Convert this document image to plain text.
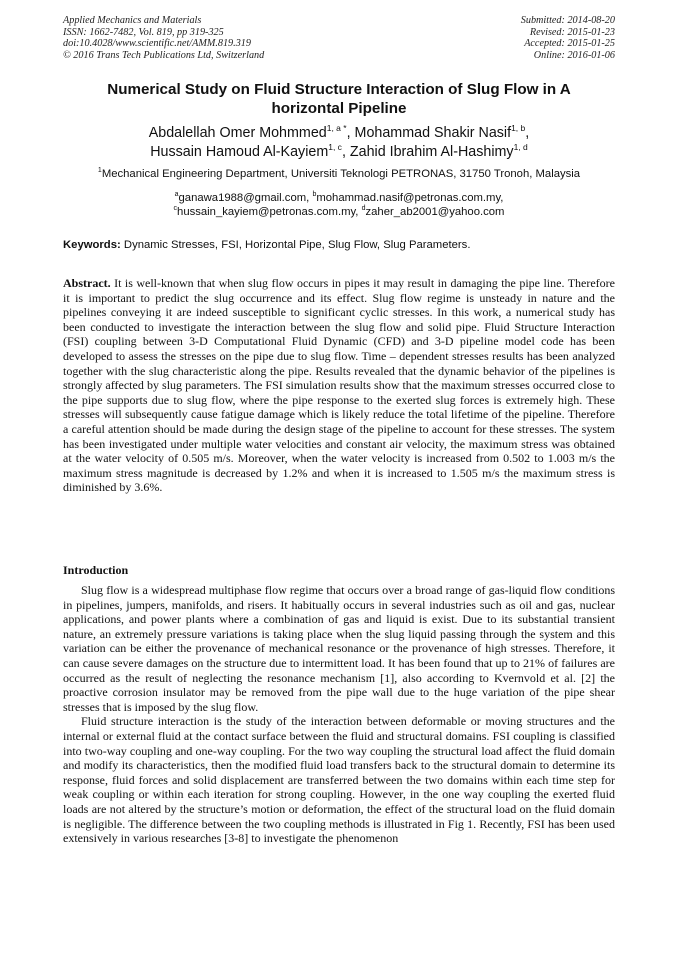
Applied Mechanics and Materials
ISSN: 1662-7482, Vol. 819, pp 319-325
doi:10.4028/www.scientific.net/AMM.819.319
© 2016 Trans Tech Publications Ltd, Switzerland
Submitted: 2014-08-20
Revised: 2015-01-23
Accepted: 2015-01-25
Online: 2016-01-06
Numerical Study on Fluid Structure Interaction of Slug Flow in A
horizontal Pipeline
Abdalellah Omer Mohmmed$^{1, a *}$, Mohammad Shakir Nasif$^{1, b}$,
Hussain Hamoud Al-Kayiem$^{1, c}$, Zahid Ibrahim Al-Hashimy$^{1, d}$
$^1$Mechanical Engineering Department, Universiti Teknologi PETRONAS, 31750 Tronoh, Malaysia
$^a$ganawa1988@gmail.com, $^b$mohammad.nasif@petronas.com.my,
$^c$hussain_kayiem@petronas.com.my, $^d$zaher_ab2001@yahoo.com
Keywords: Dynamic Stresses, FSI, Horizontal Pipe, Slug Flow, Slug Parameters.
Abstract. It is well-known that when slug flow occurs in pipes it may result in damaging the pipe line. Therefore it is important to predict the slug occurrence and its effect. Slug flow regime is unsteady in nature and the pipelines conveying it are indeed susceptible to significant cyclic stresses. In this work, a numerical study has been conducted to investigate the interaction between the slug flow and solid pipe. Fluid Structure Interaction (FSI) coupling between 3-D Computational Fluid Dynamic (CFD) and 3-D pipeline model code has been developed to assess the stresses on the pipe due to slug flow. Time – dependent stresses results has been analyzed together with the slug characteristic along the pipe. Results revealed that the dynamic behavior of the pipelines is strongly affected by slug parameters. The FSI simulation results show that the maximum stresses occurred close to the pipe supports due to slug flow, where the pipe response to the exerted slug forces is extremely high. These stresses will subsequently cause fatigue damage which is likely reduce the total lifetime of the pipeline. Therefore a careful attention should be made during the design stage of the pipeline to account for these stresses. The system has been investigated under multiple water velocities and constant air velocity, the maximum stress was obtained at the water velocity of 0.505 m/s. Moreover, when the water velocity is increased from 0.502 to 1.003 m/s the maximum stress magnitude is decreased by 1.2% and when it is increased to 1.505 m/s the maximum stress is diminished by 3.6%.
Introduction

Slug flow is a widespread multiphase flow regime that occurs over a broad range of gas-liquid flow conditions in pipelines, jumpers, manifolds, and risers. It habitually occurs in several industries such as oil and gas, nuclear applications, and power plants where a combination of gas and liquid is exist. Due to its substantial transient nature, an extremely pressure variations is taking place when the slug liquid passing through the system and this variation can be either the provenance of mechanical resonance or the provenance of high stresses. Therefore, it can cause severe damages on the structure due to intermittent load. It has been found that up to 21% of failures are occurred as the result of neglecting the resonance mechanism [1], also according to Kvernvold et al. [2] the proactive corrosion insulator may be removed from the pipe wall due to the huge variation of the pipe shear stresses that is imposed by the slug flow.

Fluid structure interaction is the study of the interaction between deformable or moving structures and the internal or external fluid at the contact surface between the fluid and structural domains. FSI coupling is classified into two-way coupling and one-way coupling. For the two way coupling the structural load affect the fluid domain and modify its characteristics, then the modified fluid load transfers back to the structural domain to determine its response, fluid forces and solid displacement are transferred between the two domains within each time step for weak coupling or within each iteration for strong coupling. However, in the one way coupling the exerted fluid loads are not altered by the structure’s motion or deformation, the effect of the structural load on the fluid domain is negligible. The difference between the two coupling methods is illustrated in Fig 1. Recently, FSI has been used extensively in various researches [3-8] to investigate the phenomenon
